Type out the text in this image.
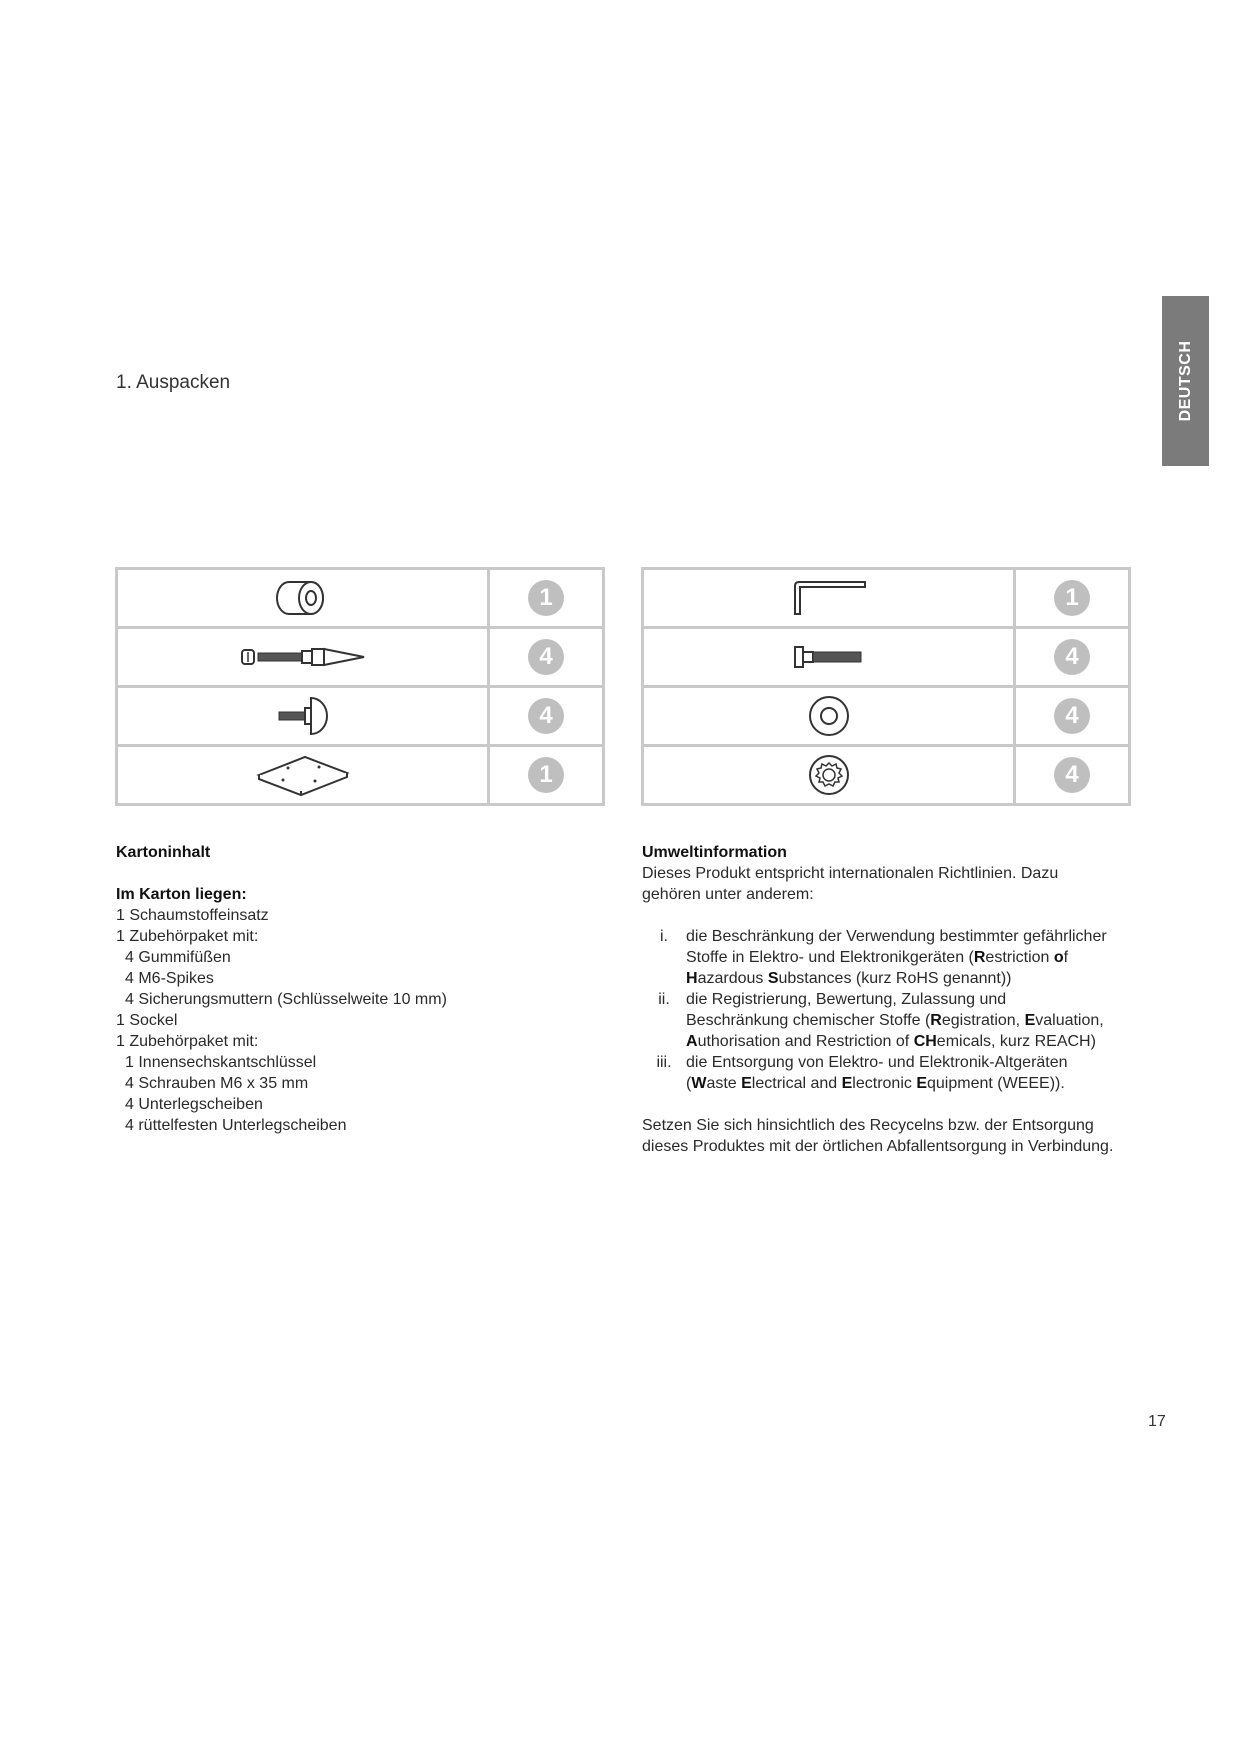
DEUTSCH
1. Auspacken
	1

	4

	4

	1
	1

	4

	4

	4
Kartoninhalt
Im Karton liegen:

1 Schaumstoffeinsatz

1 Zubehörpaket mit:

4 Gummifüßen

4 M6-Spikes

4 Sicherungsmuttern (Schlüsselweite 10 mm)

1 Sockel

1 Zubehörpaket mit:

1 Innensechskantschlüssel

4 Schrauben M6 x 35 mm

4 Unterlegscheiben

4 rüttelfesten Unterlegscheiben

Umweltinformation

Dieses Produkt entspricht internationalen Richtlinien. Dazu
gehören unter anderem:

i.	die Beschränkung der Verwendung bestimmter gefährlicher
Stoffe in Elektro- und Elektronikgeräten (Restriction of
Hazardous Substances (kurz RoHS genannt))
ii.	die Registrierung, Bewertung, Zulassung und
Beschränkung chemischer Stoffe (Registration, Evaluation,
Authorisation and Restriction of CHemicals, kurz REACH)
iii. die Entsorgung von Elektro- und Elektronik-Altgeräten
(Waste Electrical and Electronic Equipment (WEEE)).

Setzen Sie sich hinsichtlich des Recycelns bzw. der Entsorgung
dieses Produktes mit der örtlichen Abfallentsorgung in Verbindung.

17
